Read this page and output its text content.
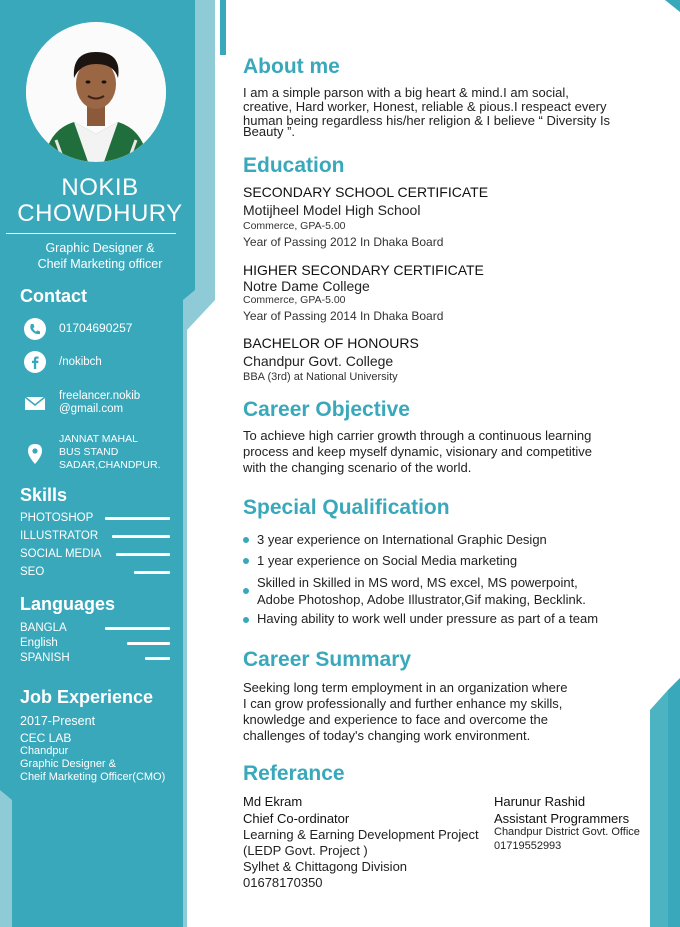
NOKIB
CHOWDHURY
Graphic Designer &
Cheif Marketing officer
Contact
01704690257
/nokibch
freelancer.nokib
@gmail.com
JANNAT MAHAL
BUS STAND
SADAR,CHANDPUR.
Skills
PHOTOSHOP
ILLUSTRATOR
SOCIAL MEDIA
SEO
Languages
BANGLA
English
SPANISH
Job Experience
2017-Present
CEC LAB
Chandpur
Graphic Designer &
Cheif Marketing Officer(CMO)
About me
I am a simple parson with a big heart & mind.I am social,
creative, Hard worker, Honest, reliable & pious.I respeact every
human being regardless his/her religion & I believe “ Diversity Is
Beauty ”.
Education
SECONDARY SCHOOL CERTIFICATE
Motijheel Model High School
Commerce, GPA-5.00
Year of Passing 2012 In Dhaka Board
HIGHER SECONDARY CERTIFICATE
Notre Dame College
Commerce, GPA-5.00
Year of Passing 2014 In Dhaka Board
BACHELOR OF HONOURS
Chandpur Govt. College
BBA (3rd) at National University
Career Objective
To achieve high carrier growth through a continuous learning
process and keep myself dynamic, visionary and competitive
with the changing scenario of the world.
Special Qualification
3 year experience on International Graphic Design
1 year experience on Social Media marketing
Skilled in Skilled in MS word, MS excel, MS powerpoint,
Adobe Photoshop, Adobe Illustrator,Gif making, Becklink.
Having ability to work well under pressure as part of a team
Career Summary
Seeking long term employment in an organization where
I can grow professionally and further enhance my skills,
knowledge and experience to face and overcome the
challenges of today's changing work environment.
Referance
Md Ekram
Chief Co-ordinator
Learning & Earning Development Project
(LEDP Govt. Project )
Sylhet & Chittagong Division
01678170350
Harunur Rashid
Assistant Programmers
Chandpur District Govt. Office
01719552993
